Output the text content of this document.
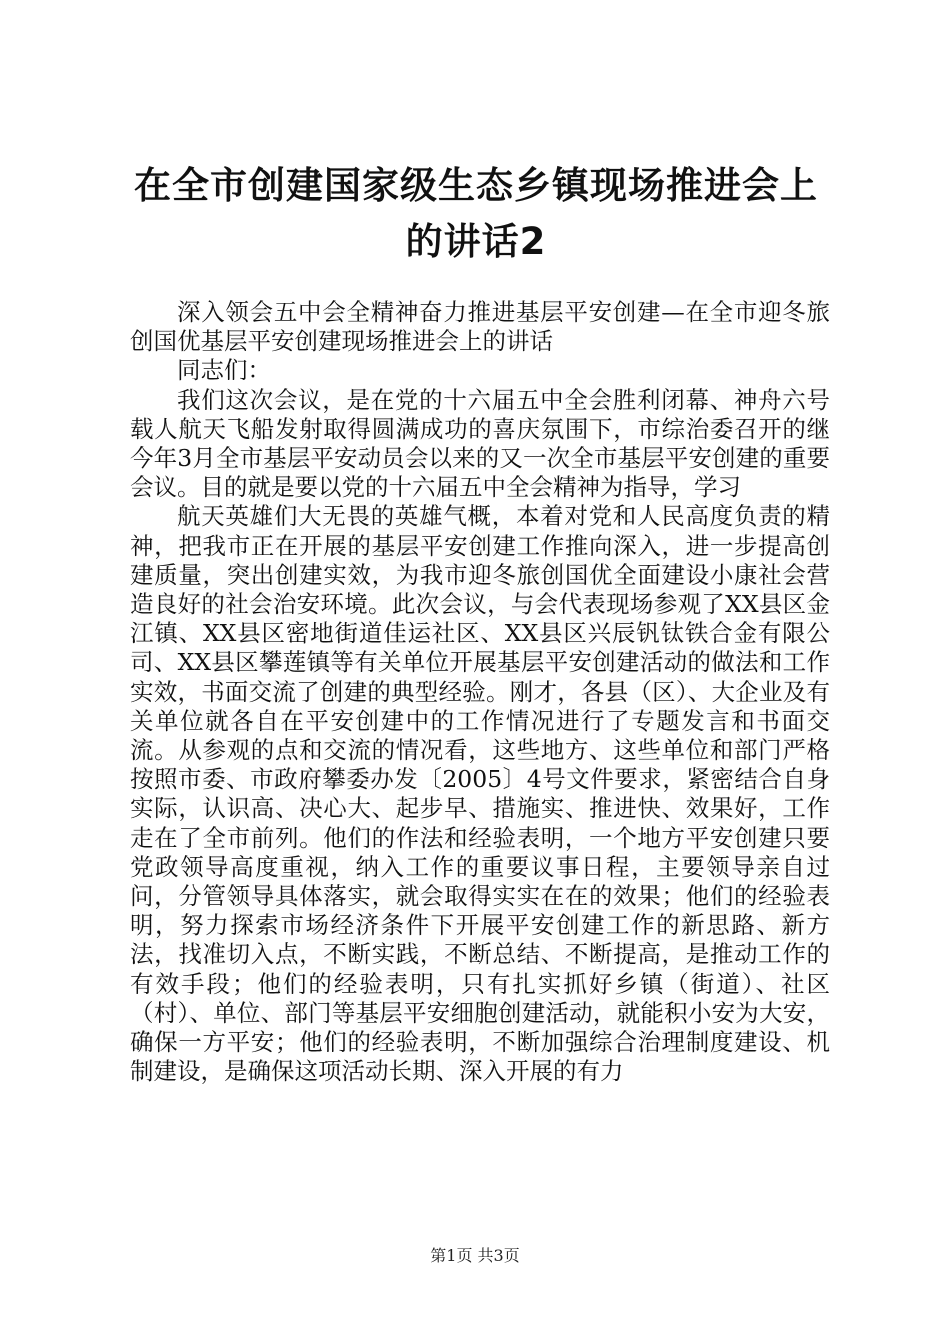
在全市创建国家级生态乡镇现场推进会上的讲话2

深入领会五中会全精神奋力推进基层平安创建—在全市迎冬旅创国优基层平安创建现场推进会上的讲话

同志们：

我们这次会议，是在党的十六届五中全会胜利闭幕、神舟六号载人航天飞船发射取得圆满成功的喜庆氛围下，市综治委召开的继今年3月全市基层平安动员会以来的又一次全市基层平安创建的重要会议。目的就是要以党的十六届五中全会精神为指导，学习

航天英雄们大无畏的英雄气概，本着对党和人民高度负责的精神，把我市正在开展的基层平安创建工作推向深入，进一步提高创建质量，突出创建实效，为我市迎冬旅创国优全面建设小康社会营造良好的社会治安环境。此次会议，与会代表现场参观了XX县区金江镇、XX县区密地街道佳运社区、XX县区兴辰钒钛铁合金有限公司、XX县区攀莲镇等有关单位开展基层平安创建活动的做法和工作实效，书面交流了创建的典型经验。刚才，各县（区）、大企业及有关单位就各自在平安创建中的工作情况进行了专题发言和书面交流。从参观的点和交流的情况看，这些地方、这些单位和部门严格按照市委、市政府攀委办发〔2005〕4号文件要求，紧密结合自身实际，认识高、决心大、起步早、措施实、推进快、效果好，工作走在了全市前列。他们的作法和经验表明，一个地方平安创建只要党政领导高度重视，纳入工作的重要议事日程，主要领导亲自过问，分管领导具体落实，就会取得实实在在的效果；他们的经验表明，努力探索市场经济条件下开展平安创建工作的新思路、新方法，找准切入点，不断实践，不断总结、不断提高，是推动工作的有效手段；他们的经验表明，只有扎实抓好乡镇（街道）、社区（村）、单位、部门等基层平安细胞创建活动，就能积小安为大安，确保一方平安；他们的经验表明，不断加强综合治理制度建设、机制建设，是确保这项活动长期、深入开展的有力

第1页 共3页
